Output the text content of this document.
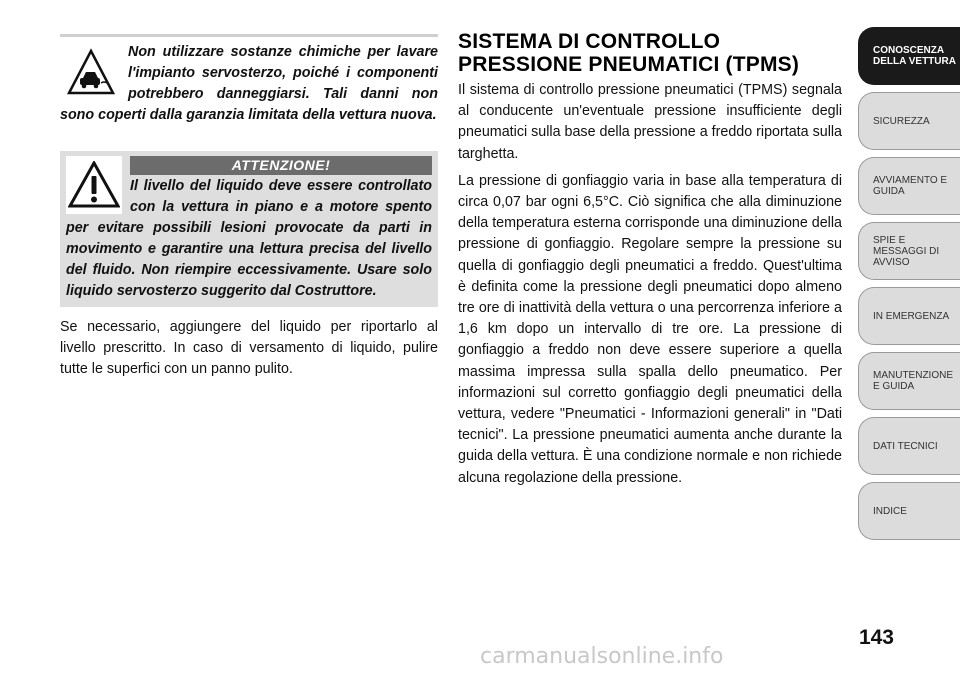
Non utilizzare sostanze chimiche per lavare l'impianto servosterzo, poiché i componenti potrebbero danneggiarsi. Tali danni non sono coperti dalla garanzia limitata della vettura nuova.
ATTENZIONE!
Il livello del liquido deve essere controllato con la vettura in piano e a motore spento per evitare possibili lesioni provocate da parti in movimento e garantire una lettura precisa del livello del fluido. Non riempire eccessivamente. Usare solo liquido servosterzo suggerito dal Costruttore.

Se necessario, aggiungere del liquido per riportarlo al livello prescritto. In caso di versamento di liquido, pulire tutte le superfici con un panno pulito.

SISTEMA DI CONTROLLO
PRESSIONE PNEUMATICI (TPMS)

Il sistema di controllo pressione pneumatici (TPMS) segnala al conducente un'eventuale pressione insufficiente degli pneumatici sulla base della pressione a freddo riportata sulla targhetta.

La pressione di gonfiaggio varia in base alla temperatura di circa 0,07 bar ogni 6,5°C. Ciò significa che alla diminuzione della temperatura esterna corrisponde una diminuzione della pressione di gonfiaggio. Regolare sempre la pressione su quella di gonfiaggio degli pneumatici a freddo. Quest'ultima è definita come la pressione degli pneumatici dopo almeno tre ore di inattività della vettura o una percorrenza inferiore a 1,6 km dopo un intervallo di tre ore. La pressione di gonfiaggio a freddo non deve essere superiore a quella massima impressa sulla spalla dello pneumatico. Per informazioni sul corretto gonfiaggio degli pneumatici della vettura, vedere "Pneumatici - Informazioni generali" in "Dati tecnici". La pressione pneumatici aumenta anche durante la guida della vettura. È una condizione normale e non richiede alcuna regolazione della pressione.

CONOSCENZA DELLA VETTURA
SICUREZZA
AVVIAMENTO E GUIDA
SPIE E MESSAGGI DI AVVISO
IN EMERGENZA
MANUTENZIONE E GUIDA
DATI TECNICI
INDICE
143
carmanualsonline.info
